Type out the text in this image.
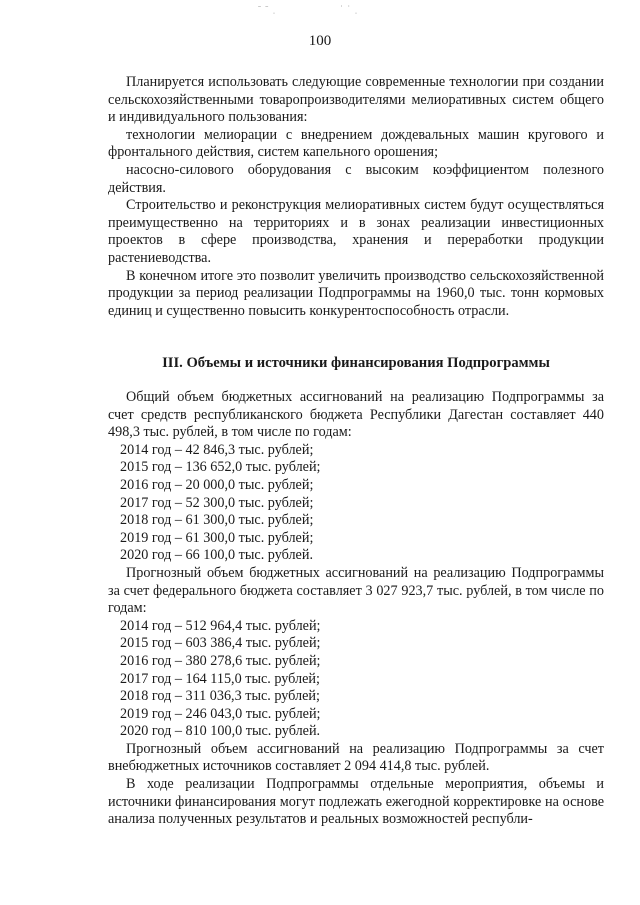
ˉ ˉ ˌ	˙ ˙ ˌ
100

Планируется использовать следующие современные технологии при создании сельскохозяйственными товаропроизводителями мелиоративных систем общего и индивидуального пользования:

технологии мелиорации с внедрением дождевальных машин кругового и фронтального действия, систем капельного орошения;

насосно-силового оборудования с высоким коэффициентом полезного действия.

Строительство и реконструкция мелиоративных систем будут осуществляться преимущественно на территориях и в зонах реализации инвестиционных проектов в сфере производства, хранения и переработки продукции растениеводства.

В конечном итоге это позволит увеличить производство сельскохозяйственной продукции за период реализации Подпрограммы на 1960,0 тыс. тонн кормовых единиц и существенно повысить конкурентоспособность отрасли.

III. Объемы и источники финансирования Подпрограммы

Общий объем бюджетных ассигнований на реализацию Подпрограммы за счет средств республиканского бюджета Республики Дагестан составляет 440 498,3 тыс. рублей, в том числе по годам:

2014 год – 42 846,3 тыс. рублей;
2015 год – 136 652,0 тыс. рублей;
2016 год – 20 000,0 тыс. рублей;
2017 год – 52 300,0 тыс. рублей;
2018 год – 61 300,0 тыс. рублей;
2019 год – 61 300,0 тыс. рублей;
2020 год – 66 100,0 тыс. рублей.

Прогнозный объем бюджетных ассигнований на реализацию Подпрограммы за счет федерального бюджета составляет 3 027 923,7 тыс. рублей, в том числе по годам:

2014 год – 512 964,4 тыс. рублей;
2015 год – 603 386,4 тыс. рублей;
2016 год – 380 278,6 тыс. рублей;
2017 год – 164 115,0 тыс. рублей;
2018 год – 311 036,3 тыс. рублей;
2019 год – 246 043,0 тыс. рублей;
2020 год – 810 100,0 тыс. рублей.

Прогнозный объем ассигнований на реализацию Подпрограммы за счет внебюджетных источников составляет 2 094 414,8 тыс. рублей.

В ходе реализации Подпрограммы отдельные мероприятия, объемы и источники финансирования могут подлежать ежегодной корректировке на основе анализа полученных результатов и реальных возможностей республи-
